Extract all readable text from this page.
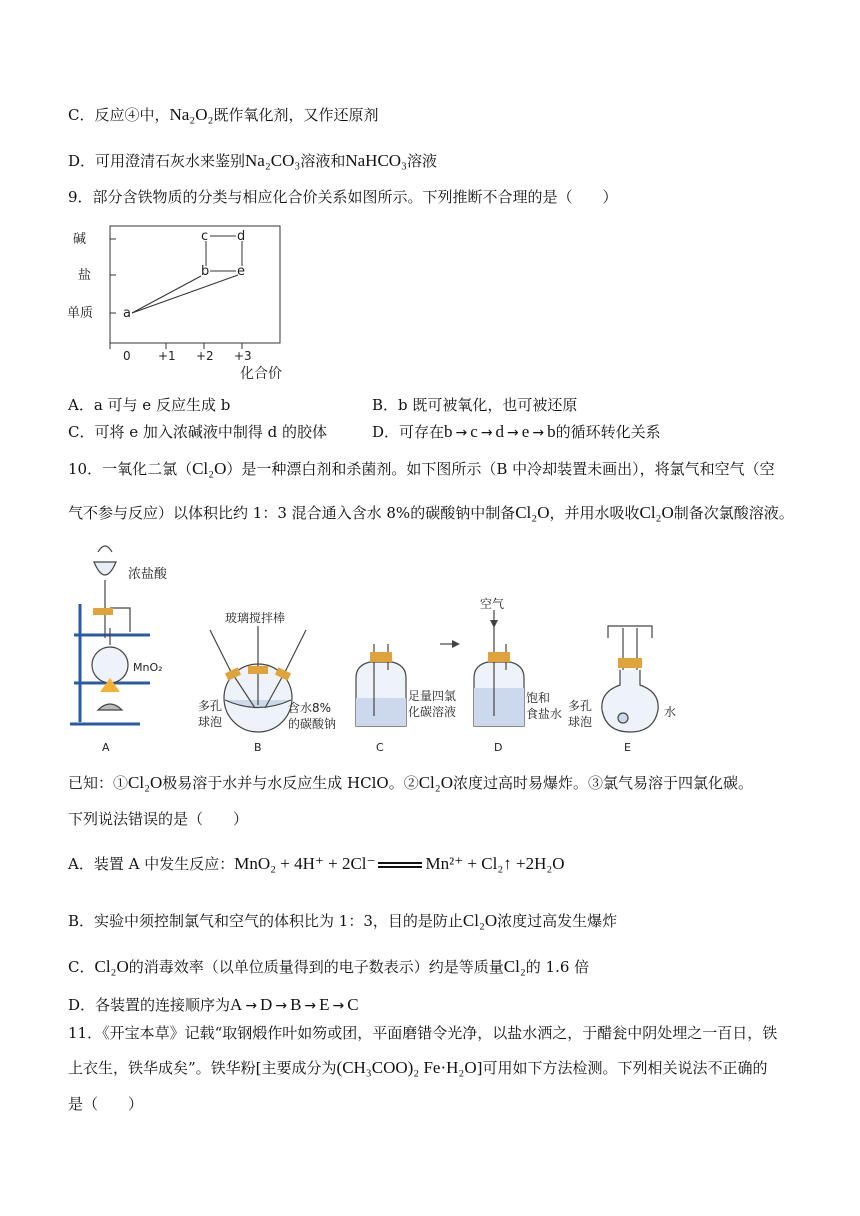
C．反应④中，Na₂O₂既作氧化剂，又作还原剂
D．可用澄清石灰水来鉴别Na₂CO₃溶液和NaHCO₃溶液
9．部分含铁物质的分类与相应化合价关系如图所示。下列推断不合理的是（　　）
碱
盐
单质
c d
b e
a
0 +1 +2 +3
化合价
A．a 可与 e 反应生成 b	B．b 既可被氧化，也可被还原
C．可将 e 加入浓碱液中制得 d 的胶体	D．可存在b → c → d → e → b的循环转化关系
10．一氧化二氯（Cl₂O）是一种漂白剂和杀菌剂。如下图所示（B 中冷却装置未画出），将氯气和空气（空
气不参与反应）以体积比约 1：3 混合通入含水 8%的碳酸钠中制备Cl₂O，并用水吸收Cl₂O制备次氯酸溶液。
浓盐酸
MnO₂
A
玻璃搅拌棒
多孔
球泡
含水8%
的碳酸钠
B
足量四氯
化碳溶液
C
空气
饱和
食盐水
D
多孔
球泡
水
E
已知：①Cl₂O极易溶于水并与水反应生成 HClO。②Cl₂O浓度过高时易爆炸。③氯气易溶于四氯化碳。
下列说法错误的是（　　）
A．装置 A 中发生反应：MnO₂ + 4H⁺ + 2Cl⁻	Mn²⁺ + Cl₂↑ +2H₂O
B．实验中须控制氯气和空气的体积比为 1：3，目的是防止Cl₂O浓度过高发生爆炸
C．Cl₂O的消毒效率（以单位质量得到的电子数表示）约是等质量Cl₂的 1.6 倍
D．各装置的连接顺序为A → D → B → E → C
11．《开宝本草》记载“取钢煅作叶如笏或团，平面磨错令光净，以盐水洒之，于醋瓮中阴处埋之一百日，铁
上衣生，铁华成矣”。铁华粉[主要成分为(CH₃COO)₂ Fe·H₂O]可用如下方法检测。下列相关说法不正确的
是（　　）
